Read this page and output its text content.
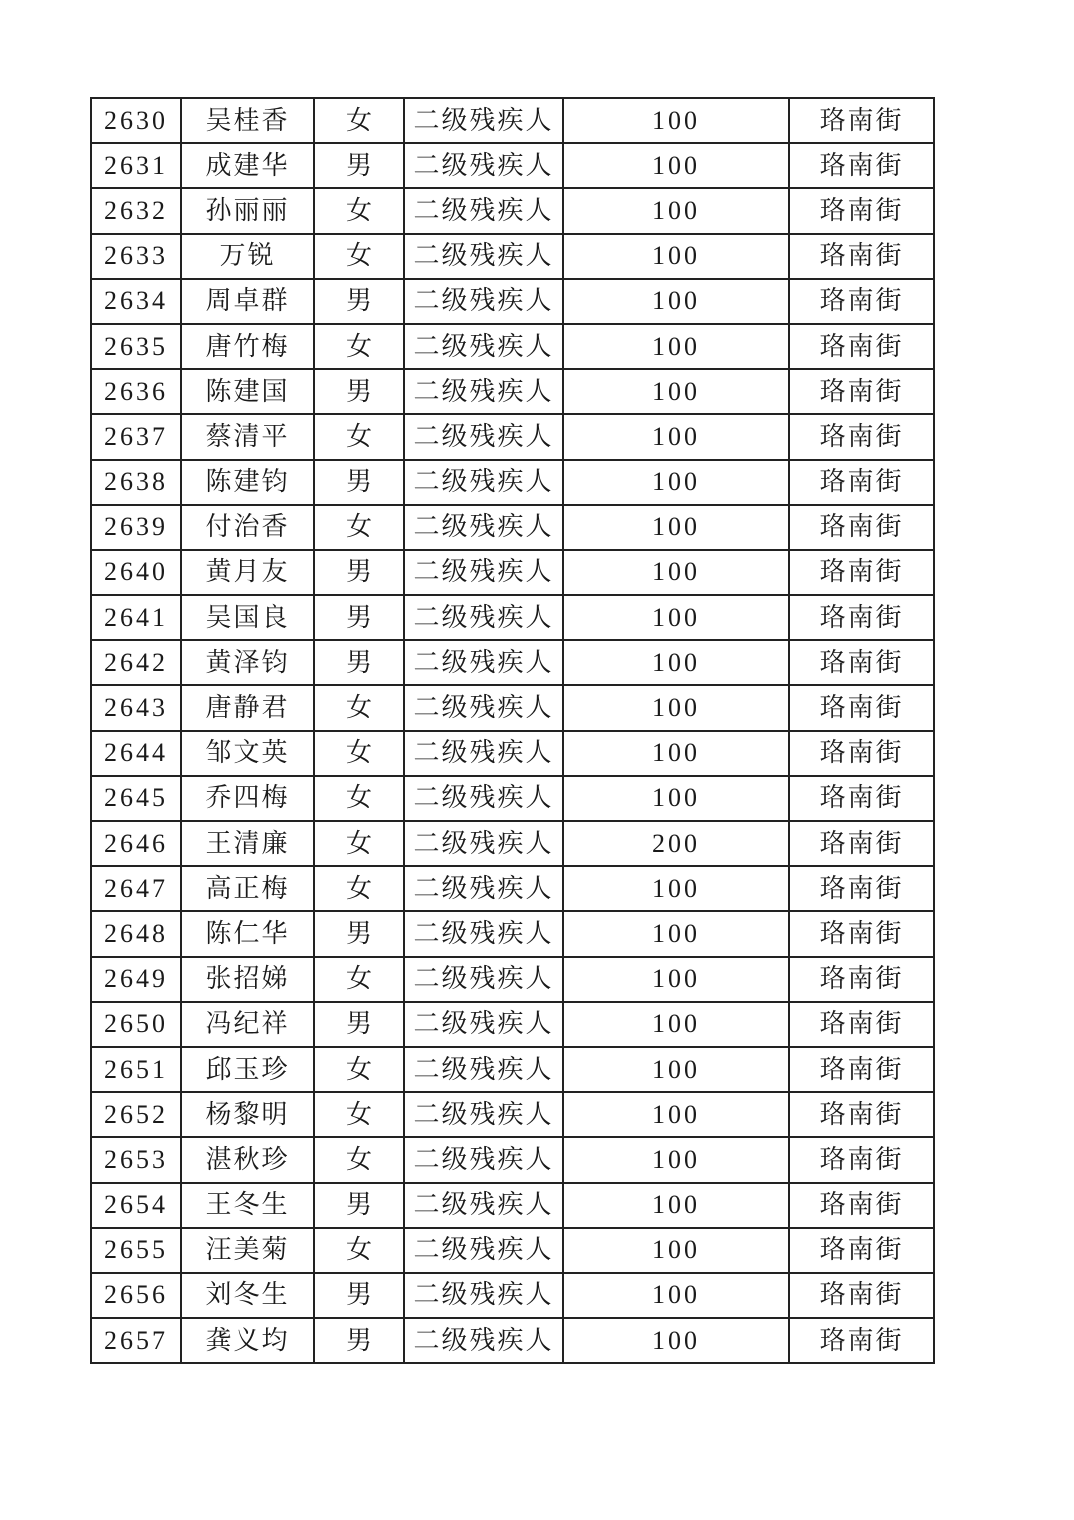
2630	吴桂香	女	二级残疾人	100	珞南街
2631	成建华	男	二级残疾人	100	珞南街
2632	孙丽丽	女	二级残疾人	100	珞南街
2633	万锐	女	二级残疾人	100	珞南街
2634	周卓群	男	二级残疾人	100	珞南街
2635	唐竹梅	女	二级残疾人	100	珞南街
2636	陈建国	男	二级残疾人	100	珞南街
2637	蔡清平	女	二级残疾人	100	珞南街
2638	陈建钧	男	二级残疾人	100	珞南街
2639	付治香	女	二级残疾人	100	珞南街
2640	黄月友	男	二级残疾人	100	珞南街
2641	吴国良	男	二级残疾人	100	珞南街
2642	黄泽钧	男	二级残疾人	100	珞南街
2643	唐静君	女	二级残疾人	100	珞南街
2644	邹文英	女	二级残疾人	100	珞南街
2645	乔四梅	女	二级残疾人	100	珞南街
2646	王清廉	女	二级残疾人	200	珞南街
2647	高正梅	女	二级残疾人	100	珞南街
2648	陈仁华	男	二级残疾人	100	珞南街
2649	张招娣	女	二级残疾人	100	珞南街
2650	冯纪祥	男	二级残疾人	100	珞南街
2651	邱玉珍	女	二级残疾人	100	珞南街
2652	杨黎明	女	二级残疾人	100	珞南街
2653	湛秋珍	女	二级残疾人	100	珞南街
2654	王冬生	男	二级残疾人	100	珞南街
2655	汪美菊	女	二级残疾人	100	珞南街
2656	刘冬生	男	二级残疾人	100	珞南街
2657	龚义均	男	二级残疾人	100	珞南街
